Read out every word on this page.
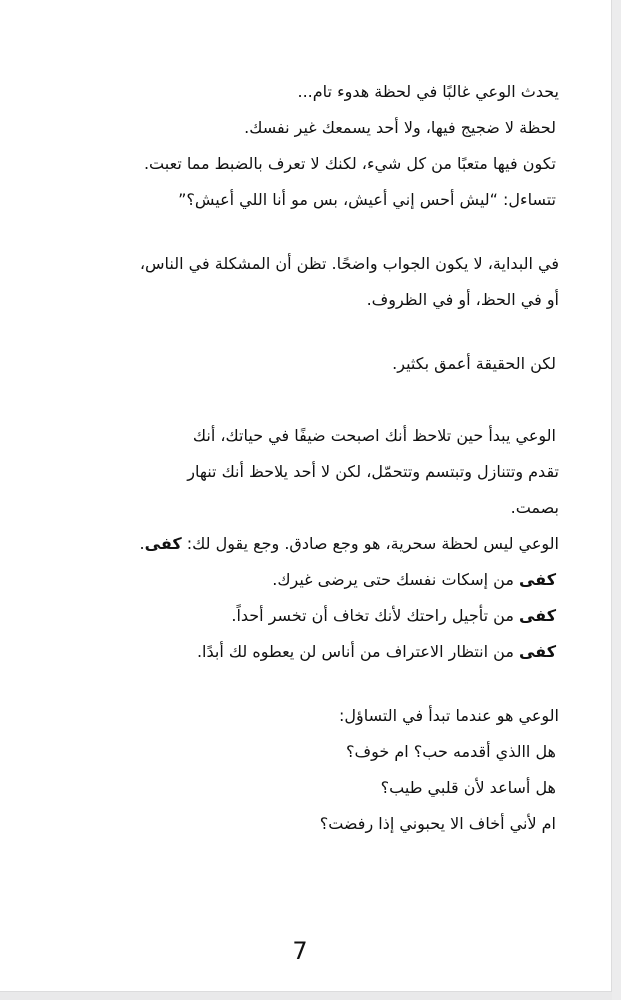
يحدث الوعي غالبًا في لحظة هدوء تام...

لحظة لا ضجيج فيها، ولا أحد يسمعك غير نفسك.

تكون فيها متعبًا من كل شيء، لكنك لا تعرف بالضبط مما تعبت.

تتساءل: “ليش أحس إني أعيش، بس مو أنا اللي أعيش؟”

في البداية، لا يكون الجواب واضحًا. تظن أن المشكلة في الناس،

أو في الحظ، أو في الظروف.

لكن الحقيقة أعمق بكثير.

الوعي يبدأ حين تلاحظ أنك اصبحت ضيفًا في حياتك، أنك

تقدم وتتنازل وتبتسم وتتحمّل، لكن لا أحد يلاحظ أنك تنهار

بصمت.

الوعي ليس لحظة سحرية، هو وجع صادق. وجع يقول لك: كفى.

كفى من إسكات نفسك حتى يرضى غيرك.

كفى من تأجيل راحتك لأنك تخاف أن تخسر أحداً.

كفى من انتظار الاعتراف من أناس لن يعطوه لك أبدًا.

الوعي هو عندما تبدأ في التساؤل:

هل االذي أقدمه حب؟ ام خوف؟

هل أساعد لأن قلبي طيب؟

ام لأني أخاف الا يحبوني إذا رفضت؟

7
